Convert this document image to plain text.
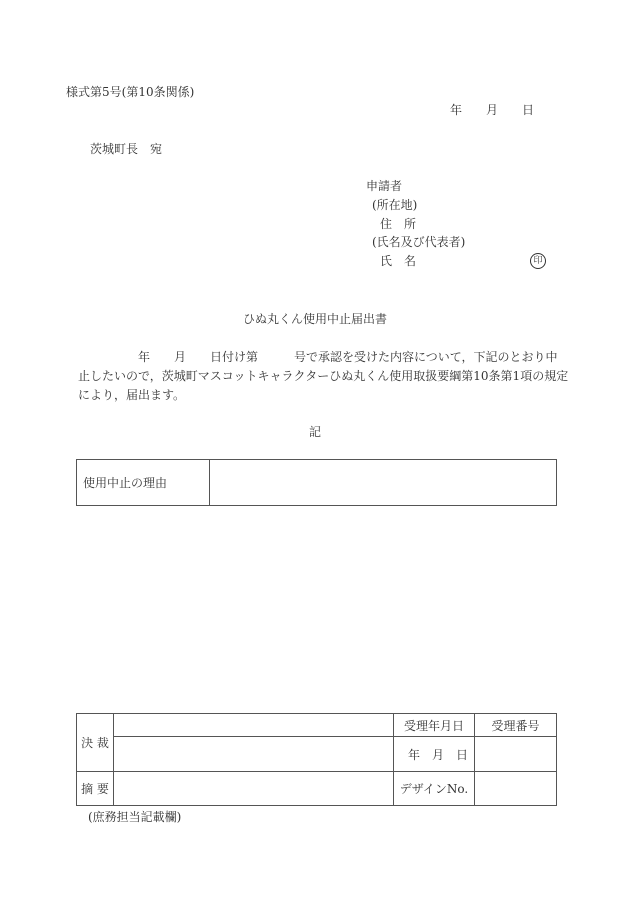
様式第5号(第10条関係)
年 月 日
茨城町長　宛
申請者
(所在地)
住　所
(氏名及び代表者)
氏　名	印
ひぬ丸くん使用中止届出書
　　　　　年　　月　　日付け第　　　号で承認を受けた内容について，下記のとおり中
止したいので，茨城町マスコットキャラクターひぬ丸くん使用取扱要綱第10条第1項の規定
により，届出ます。
記
使用中止の理由	
決 裁		受理年月日	受理番号
		年　月　日	
摘 要		デザインNo.	
(庶務担当記載欄)
